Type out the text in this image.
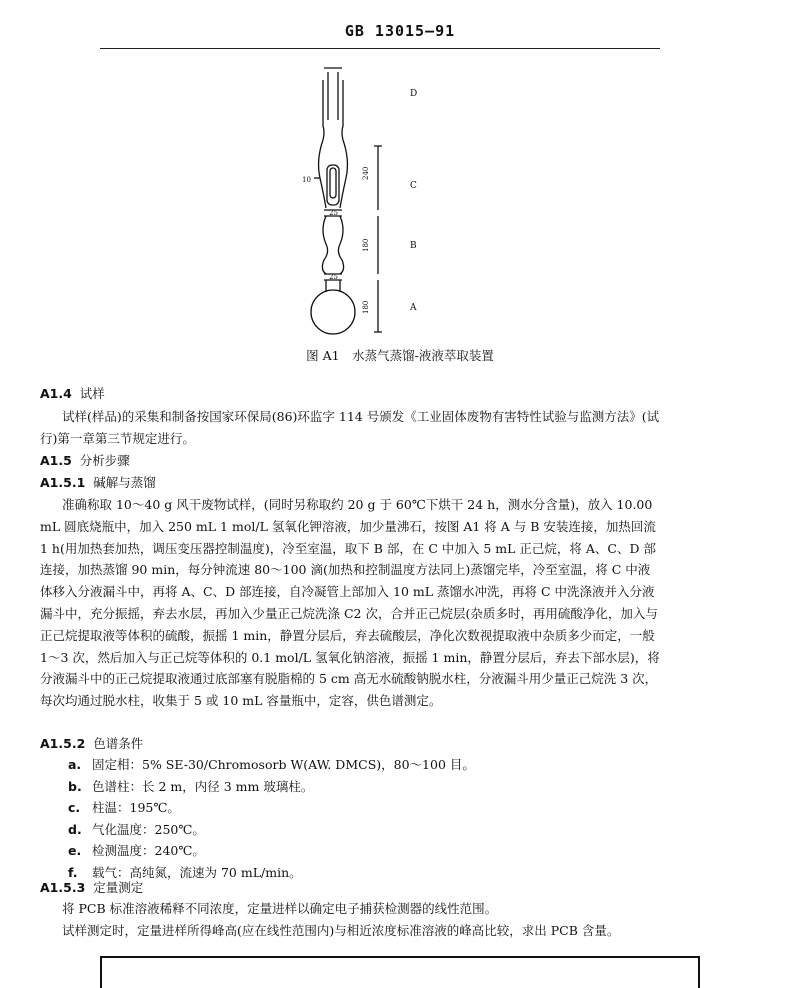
GB 13015—91
D
C
B
A
10	240
25
180
25
180
图 A1　水蒸气蒸馏-液液萃取装置
A1.4 试样
试样(样品)的采集和制备按国家环保局(86)环监字 114 号颁发《工业固体废物有害特性试验与监测方法》(试行)第一章第三节规定进行。
A1.5 分析步骤
A1.5.1 碱解与蒸馏
准确称取 10～40 g 风干废物试样，(同时另称取约 20 g 于 60℃下烘干 24 h，测水分含量)，放入 10.00 mL 圆底烧瓶中，加入 250 mL 1 mol/L 氢氧化钾溶液，加少量沸石，按图 A1 将 A 与 B 安装连接，加热回流 1 h(用加热套加热，调压变压器控制温度)，冷至室温，取下 B 部，在 C 中加入 5 mL 正己烷，将 A、C、D 部连接，加热蒸馏 90 min，每分钟流速 80～100 滴(加热和控制温度方法同上)蒸馏完毕，冷至室温，将 C 中液体移入分液漏斗中，再将 A、C、D 部连接，自冷凝管上部加入 10 mL 蒸馏水冲洗，再将 C 中洗涤液并入分液漏斗中，充分振摇，弃去水层，再加入少量正己烷洗涤 C2 次，合并正己烷层(杂质多时，再用硫酸净化，加入与正己烷提取液等体积的硫酸，振摇 1 min，静置分层后，弃去硫酸层，净化次数视提取液中杂质多少而定，一般 1～3 次，然后加入与正己烷等体积的 0.1 mol/L 氢氧化钠溶液，振摇 1 min，静置分层后，弃去下部水层)，将分液漏斗中的正己烷提取液通过底部塞有脱脂棉的 5 cm 高无水硫酸钠脱水柱，分液漏斗用少量正己烷洗 3 次，每次均通过脱水柱，收集于 5 或 10 mL 容量瓶中，定容，供色谱测定。
A1.5.2 色谱条件
a. 固定相：5% SE-30/Chromosorb W(AW. DMCS)，80～100 目。
b. 色谱柱：长 2 m，内径 3 mm 玻璃柱。
c. 柱温：195℃。
d. 气化温度：250℃。
e. 检测温度：240℃。
f. 载气：高纯氮，流速为 70 mL/min。
A1.5.3 定量测定
将 PCB 标准溶液稀释不同浓度，定量进样以确定电子捕获检测器的线性范围。
试样测定时，定量进样所得峰高(应在线性范围内)与相近浓度标准溶液的峰高比较，求出 PCB 含量。
